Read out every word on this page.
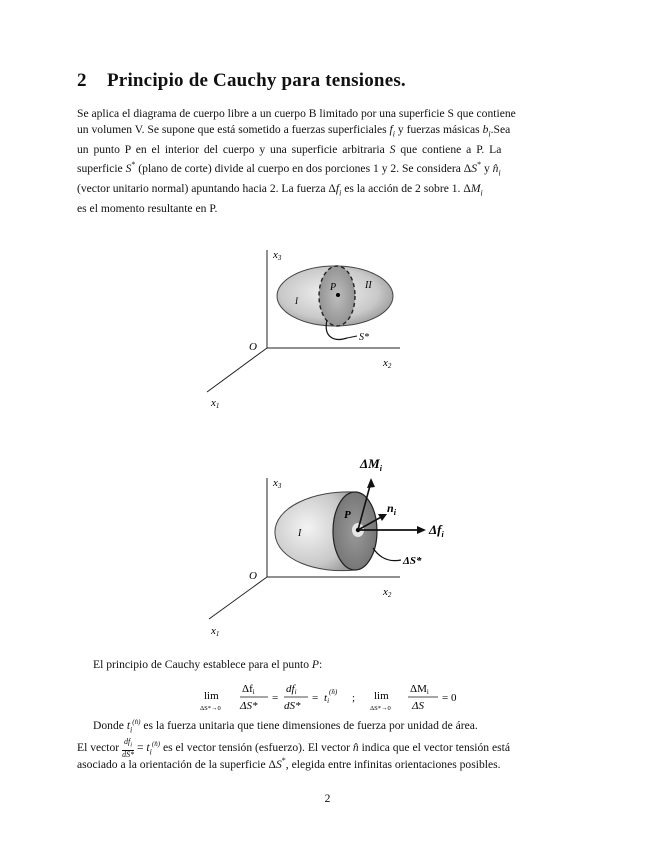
2 Principio de Cauchy para tensiones.
Se aplica el diagrama de cuerpo libre a un cuerpo B limitado por una superficie S que contiene
un volumen V. Se supone que está sometido a fuerzas superficiales $f_i$ y fuerzas másicas $b_i.Sea$
un punto P en el interior del cuerpo y una superficie arbitraria S que contiene a P. La
superficie S* (plano de corte) divide al cuerpo en dos porciones 1 y 2. Se considera ΔS* y $n̂_i$
(vector unitario normal) apuntando hacia 2. La fuerza $\Delta f_i$ es la acción de 2 sobre 1. $\Delta M_i$
es el momento resultante en P.
x3
x2
x1
O
P
I
II
S*
x3
x2
x1
O
P
I
$\Delta M_i$
$n_i$
$\Delta f_i$
ΔS*

El principio de Cauchy establece para el punto P:

lim
ΔS*→0
Δfi
ΔS*
=
dfi
dS*
= $ti^{(n̂)}$ ; lim
ΔS*→0
ΔMi
ΔS
= 0

Donde $t_i^{(n̂)}$ es la fuerza unitaria que tiene dimensiones de fuerza por unidad de área.

El vector $df_i$
$dS* = t_i^{(n̂)}$ es el vector tensión (esfuerzo). El vector n̂ indica que el vector tensión está

asociado a la orientación de la superficie ΔS*, elegida entre infinitas orientaciones posibles.

2
